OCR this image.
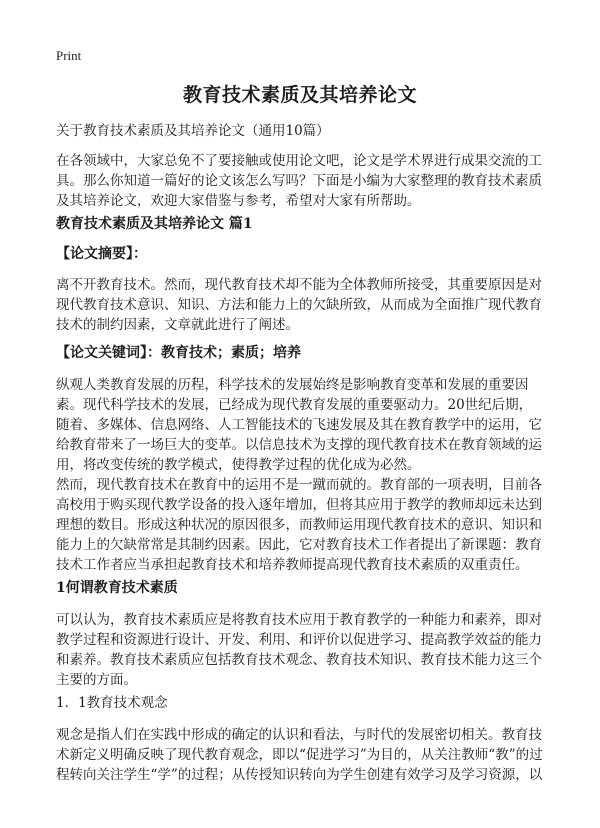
Print
教育技术素质及其培养论文

关于教育技术素质及其培养论文（通用10篇）

在各领域中，大家总免不了要接触或使用论文吧，论文是学术界进行成果交流的工具。那么你知道一篇好的论文该怎么写吗？下面是小编为大家整理的教育技术素质及其培养论文，欢迎大家借鉴与参考，希望对大家有所帮助。

教育技术素质及其培养论文 篇1
【论文摘要】：

离不开教育技术。然而，现代教育技术却不能为全体教师所接受，其重要原因是对现代教育技术意识、知识、方法和能力上的欠缺所致，从而成为全面推广现代教育技术的制约因素，文章就此进行了阐述。

【论文关键词】：教育技术；素质；培养

纵观人类教育发展的历程，科学技术的发展始终是影响教育变革和发展的重要因素。现代科学技术的发展，已经成为现代教育发展的重要驱动力。20世纪后期，随着、多媒体、信息网络、人工智能技术的飞速发展及其在教育教学中的运用，它给教育带来了一场巨大的变革。以信息技术为支撑的现代教育技术在教育领域的运用，将改变传统的教学模式，使得教学过程的优化成为必然。

然而，现代教育技术在教育中的运用不是一蹴而就的。教育部的一项表明，目前各高校用于购买现代教学设备的投入逐年增加，但将其应用于教学的教师却远未达到理想的数目。形成这种状况的原因很多，而教师运用现代教育技术的意识、知识和能力上的欠缺常常是其制约因素。因此，它对教育技术工作者提出了新课题：教育技术工作者应当承担起教育技术和培养教师提高现代教育技术素质的双重责任。

1何谓教育技术素质

可以认为，教育技术素质应是将教育技术应用于教育教学的一种能力和素养，即对教学过程和资源进行设计、开发、利用、和评价以促进学习、提高教学效益的能力和素养。教育技术素质应包括教育技术观念、教育技术知识、教育技术能力这三个主要的方面。

1．1教育技术观念

观念是指人们在实践中形成的确定的认识和看法，与时代的发展密切相关。教育技术新定义明确反映了现代教育观念，即以“促进学习”为目的，从关注教师“教”的过程转向关注学生“学”的过程；从传授知识转向为学生创建有效学习及学习资源，以
